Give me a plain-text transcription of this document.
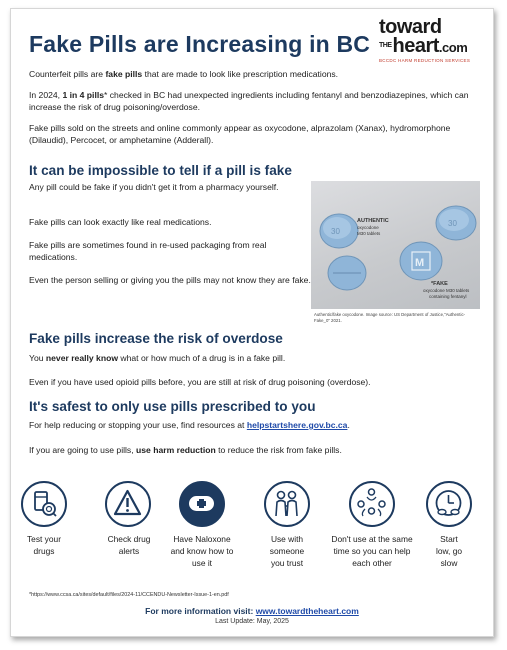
Fake Pills are Increasing in BC
toward
$^{THE}$heart.com
BCCDC HARM REDUCTION SERVICES
Counterfeit pills are fake pills that are made to look like prescription medications.
In 2024, 1 in 4 pills* checked in BC had unexpected ingredients including fentanyl and benzodiazepines, which can increase the risk of drug poisoning/overdose.
Fake pills sold on the streets and online commonly appear as oxycodone, alprazolam (Xanax), hydromorphone (Dilaudid), Percocet, or amphetamine (Adderall).
It can be impossible to tell if a pill is fake
Any pill could be fake if you didn't get it from a pharmacy yourself.
Fake pills can look exactly like real medications.
Fake pills are sometimes found in re-used packaging from real medications.
Even the person selling or giving you the pills may not know they are fake.
30
30
M
AUTHENTIC
oxycodone
M30 tablets
*FAKE
oxycodone M30 tablets
containing fentanyl
Authentic/fake oxycodone. Image source: US Department of Justice,"Authentic-Fake_0" 2021.
Fake pills increase the risk of overdose
You never really know what or how much of a drug is in a fake pill.
Even if you have used opioid pills before, you are still at risk of drug poisoning (overdose).
It's safest to only use pills prescribed to you
For help reducing or stopping your use, find resources at helpstartshere.gov.bc.ca.
If you are going to use pills, use harm reduction to reduce the risk from fake pills.
Test your
drugs
Check drug
alerts
Have Naloxone
and know how to
use it
Use with
someone
you trust
Don't use at the same
time so you can help
each other
Start
low, go
slow
*https://www.ccsa.ca/sites/default/files/2024-11/CCENDU-Newsletter-Issue-1-en.pdf
For more information visit: www.towardtheheart.com
Last Update: May, 2025
